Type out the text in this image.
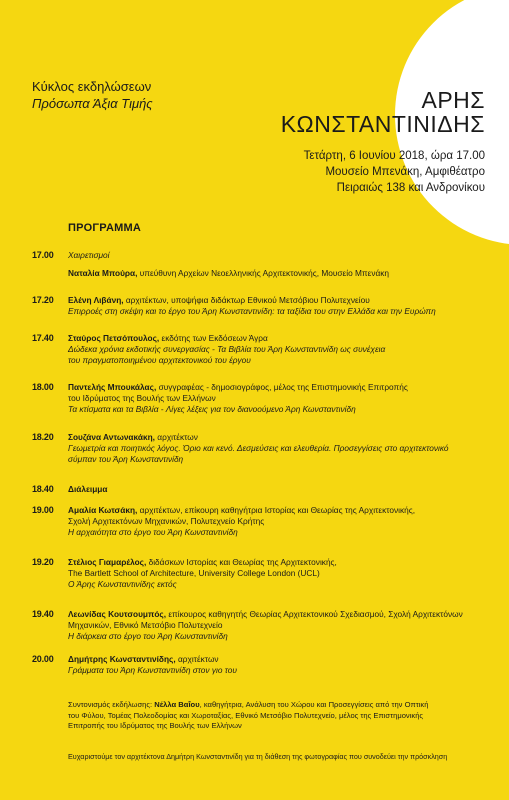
Κύκλος εκδηλώσεων
Πρόσωπα Άξια Τιμής	ΑΡΗΣ
ΚΩΝΣΤΑΝΤΙΝΙΔΗΣ
Τετάρτη, 6 Ιουνίου 2018, ώρα 17.00
Μουσείο Μπενάκη, Αμφιθέατρο
Πειραιώς 138 και Ανδρονίκου
ΠΡΟΓΡΑΜΜΑ
17.00	Χαιρετισμοί
Ναταλία Μπούρα, υπεύθυνη Αρχείων Νεοελληνικής Αρχιτεκτονικής, Μουσείο Μπενάκη
17.20	Ελένη Λιβάνη, αρχιτέκτων, υποψήφια διδάκτωρ Εθνικού Μετσόβιου Πολυτεχνείου
Επιρροές στη σκέψη και το έργο του Άρη Κωνσταντινίδη: τα ταξίδια του στην Ελλάδα και την Ευρώπη
17.40	Σταύρος Πετσόπουλος, εκδότης των Εκδόσεων Άγρα
Δώδεκα χρόνια εκδοτικής συνεργασίας - Τα Βιβλία του Άρη Κωνσταντινίδη ως συνέχεια
του πραγματοποιημένου αρχιτεκτονικού του έργου
18.00	Παντελής Μπουκάλας, συγγραφέας - δημοσιογράφος, μέλος της Επιστημονικής Επιτροπής
του Ιδρύματος της Βουλής των Ελλήνων
Τα κτίσματα και τα Βιβλία - Λίγες λέξεις για τον διανοούμενο Άρη Κωνσταντινίδη
18.20	Σουζάνα Αντωνακάκη, αρχιτέκτων
Γεωμετρία και ποιητικός λόγος. Όριο και κενό. Δεσμεύσεις και ελευθερία. Προσεγγίσεις στο αρχιτεκτονικό
σύμπαν του Άρη Κωνσταντινίδη
18.40	Διάλειμμα
19.00	Αμαλία Κωτσάκη, αρχιτέκτων, επίκουρη καθηγήτρια Ιστορίας και Θεωρίας της Αρχιτεκτονικής,
Σχολή Αρχιτεκτόνων Μηχανικών, Πολυτεχνείο Κρήτης
Η αρχαιότητα στο έργο του Άρη Κωνσταντινίδη
19.20	Στέλιος Γιαμαρέλος, διδάσκων Ιστορίας και Θεωρίας της Αρχιτεκτονικής,
The Bartlett School of Architecture, University College London (UCL)
Ο Άρης Κωνσταντινίδης εκτός
19.40	Λεωνίδας Κουτσουμπός, επίκουρος καθηγητής Θεωρίας Αρχιτεκτονικού Σχεδιασμού, Σχολή Αρχιτεκτόνων
Μηχανικών, Εθνικό Μετσόβιο Πολυτεχνείο
Η διάρκεια στο έργο του Άρη Κωνσταντινίδη
20.00	Δημήτρης Κωνσταντινίδης, αρχιτέκτων
Γράμματα του Άρη Κωνσταντινίδη στον γιο του
Συντονισμός εκδήλωσης: Νέλλα Βαΐου, καθηγήτρια, Ανάλυση του Χώρου και Προσεγγίσεις από την Οπτική
του Φύλου, Τομέας Πολεοδομίας και Χωροταξίας, Εθνικό Μετσόβιο Πολυτεχνείο, μέλος της Επιστημονικής
Επιτροπής του Ιδρύματος της Βουλής των Ελλήνων
Ευχαριστούμε τον αρχιτέκτονα Δημήτρη Κωνσταντινίδη για τη διάθεση της φωτογραφίας που συνοδεύει την πρόσκληση
